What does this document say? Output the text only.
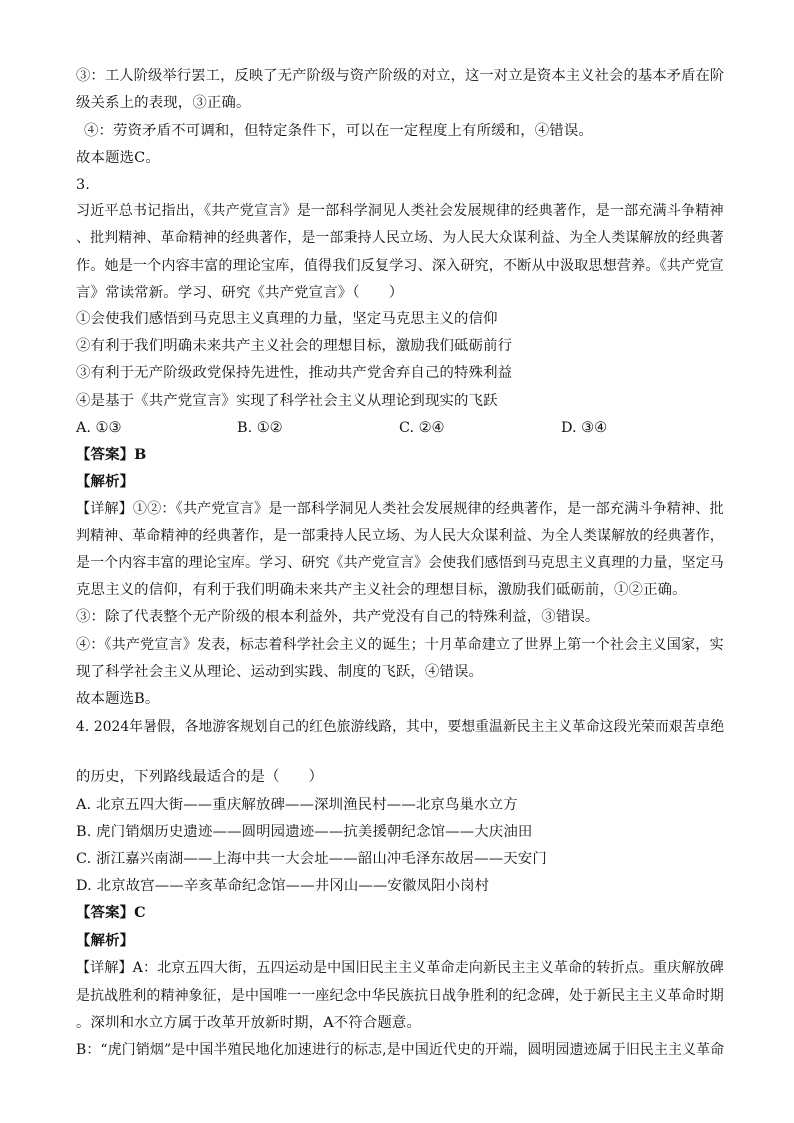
③：工人阶级举行罢工，反映了无产阶级与资产阶级的对立，这一对立是资本主义社会的基本矛盾在阶
级关系上的表现，③正确。
④：劳资矛盾不可调和，但特定条件下，可以在一定程度上有所缓和，④错误。
故本题选C。
3.
习近平总书记指出，《共产党宣言》是一部科学洞见人类社会发展规律的经典著作，是一部充满斗争精神
、批判精神、革命精神的经典著作，是一部秉持人民立场、为人民大众谋利益、为全人类谋解放的经典著
作。她是一个内容丰富的理论宝库，值得我们反复学习、深入研究，不断从中汲取思想营养。《共产党宣
言》常读常新。学习、研究《共产党宣言》（　　）
①会使我们感悟到马克思主义真理的力量，坚定马克思主义的信仰
②有利于我们明确未来共产主义社会的理想目标，激励我们砥砺前行
③有利于无产阶级政党保持先进性，推动共产党舍弃自己的特殊利益
④是基于《共产党宣言》实现了科学社会主义从理论到现实的飞跃
A. ①③	B. ①②	C. ②④	D. ③④
【答案】B
【解析】
【详解】①②：《共产党宣言》是一部科学洞见人类社会发展规律的经典著作，是一部充满斗争精神、批
判精神、革命精神的经典著作，是一部秉持人民立场、为人民大众谋利益、为全人类谋解放的经典著作，
是一个内容丰富的理论宝库。学习、研究《共产党宣言》会使我们感悟到马克思主义真理的力量，坚定马
克思主义的信仰，有利于我们明确未来共产主义社会的理想目标，激励我们砥砺前，①②正确。
③：除了代表整个无产阶级的根本利益外，共产党没有自己的特殊利益，③错误。
④：《共产党宣言》发表，标志着科学社会主义的诞生；十月革命建立了世界上第一个社会主义国家，实
现了科学社会主义从理论、运动到实践、制度的飞跃，④错误。
故本题选B。
4. 2024年暑假，各地游客规划自己的红色旅游线路，其中，要想重温新民主主义革命这段光荣而艰苦卓绝
的历史，下列路线最适合的是（　　）
A. 北京五四大街——重庆解放碑——深圳渔民村——北京鸟巢水立方
B. 虎门销烟历史遗迹——圆明园遗迹——抗美援朝纪念馆——大庆油田
C. 浙江嘉兴南湖——上海中共一大会址——韶山冲毛泽东故居——天安门
D. 北京故宫——辛亥革命纪念馆——井冈山——安徽凤阳小岗村
【答案】C
【解析】
【详解】A：北京五四大街，五四运动是中国旧民主主义革命走向新民主主义革命的转折点。重庆解放碑
是抗战胜利的精神象征，是中国唯一一座纪念中华民族抗日战争胜利的纪念碑，处于新民主主义革命时期
。深圳和水立方属于改革开放新时期，A不符合题意。
B：“虎门销烟”是中国半殖民地化加速进行的标志,是中国近代史的开端，圆明园遗迹属于旧民主主义革命
